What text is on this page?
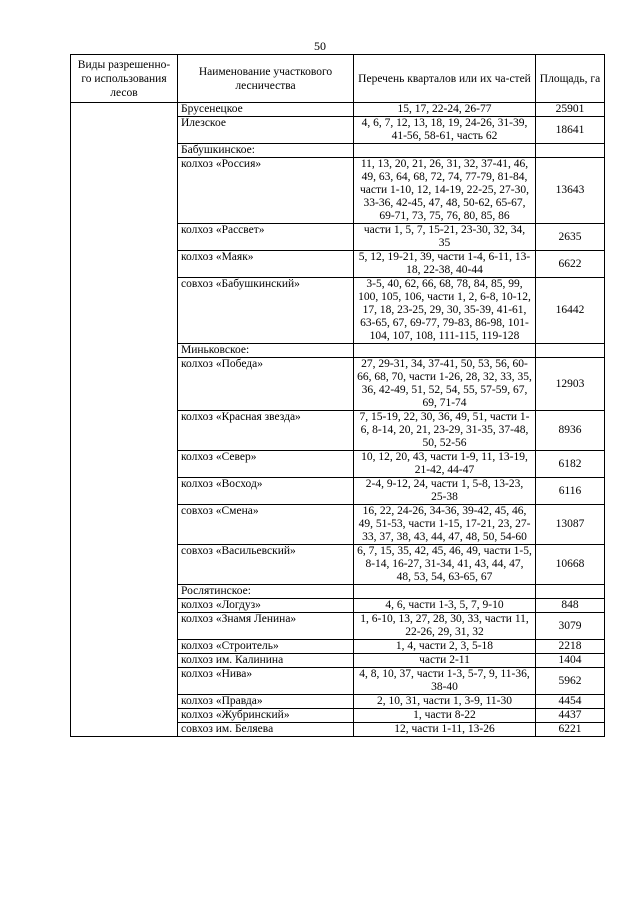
50
Виды разрешенно-го использования лесов	Наименование участкового лесничества	Перечень кварталов или их ча-стей	Площадь, га
	Брусенецкое	15, 17, 22-24, 26-77	25901
	Илезское	4, 6, 7, 12, 13, 18, 19, 24-26, 31-39, 41-56, 58-61, часть 62	18641
	Бабушкинское:		
	колхоз «Россия»	11, 13, 20, 21, 26, 31, 32, 37-41, 46, 49, 63, 64, 68, 72, 74, 77-79, 81-84, части 1-10, 12, 14-19, 22-25, 27-30, 33-36, 42-45, 47, 48, 50-62, 65-67, 69-71, 73, 75, 76, 80, 85, 86	13643
	колхоз «Рассвет»	части 1, 5, 7, 15-21, 23-30, 32, 34, 35	2635
	колхоз «Маяк»	5, 12, 19-21, 39, части 1-4, 6-11, 13-18, 22-38, 40-44	6622
	совхоз «Бабушкинский»	3-5, 40, 62, 66, 68, 78, 84, 85, 99, 100, 105, 106, части 1, 2, 6-8, 10-12, 17, 18, 23-25, 29, 30, 35-39, 41-61, 63-65, 67, 69-77, 79-83, 86-98, 101-104, 107, 108, 111-115, 119-128	16442
	Миньковское:		
	колхоз «Победа»	27, 29-31, 34, 37-41, 50, 53, 56, 60-66, 68, 70, части 1-26, 28, 32, 33, 35, 36, 42-49, 51, 52, 54, 55, 57-59, 67, 69, 71-74	12903
	колхоз «Красная звезда»	7, 15-19, 22, 30, 36, 49, 51, части 1-6, 8-14, 20, 21, 23-29, 31-35, 37-48, 50, 52-56	8936
	колхоз «Север»	10, 12, 20, 43, части 1-9, 11, 13-19, 21-42, 44-47	6182
	колхоз «Восход»	2-4, 9-12, 24, части 1, 5-8, 13-23, 25-38	6116
	совхоз «Смена»	16, 22, 24-26, 34-36, 39-42, 45, 46, 49, 51-53, части 1-15, 17-21, 23, 27-33, 37, 38, 43, 44, 47, 48, 50, 54-60	13087
	совхоз «Васильевский»	6, 7, 15, 35, 42, 45, 46, 49, части 1-5, 8-14, 16-27, 31-34, 41, 43, 44, 47, 48, 53, 54, 63-65, 67	10668
	Рослятинское:		
	колхоз «Логдуз»	4, 6, части 1-3, 5, 7, 9-10	848
	колхоз «Знамя Ленина»	1, 6-10, 13, 27, 28, 30, 33, части 11, 22-26, 29, 31, 32	3079
	колхоз «Строитель»	1, 4, части 2, 3, 5-18	2218
	колхоз им. Калинина	части 2-11	1404
	колхоз «Нива»	4, 8, 10, 37, части 1-3, 5-7, 9, 11-36, 38-40	5962
	колхоз «Правда»	2, 10, 31, части 1, 3-9, 11-30	4454
	колхоз «Жубринский»	1, части 8-22	4437
	совхоз им. Беляева	12, части 1-11, 13-26	6221
